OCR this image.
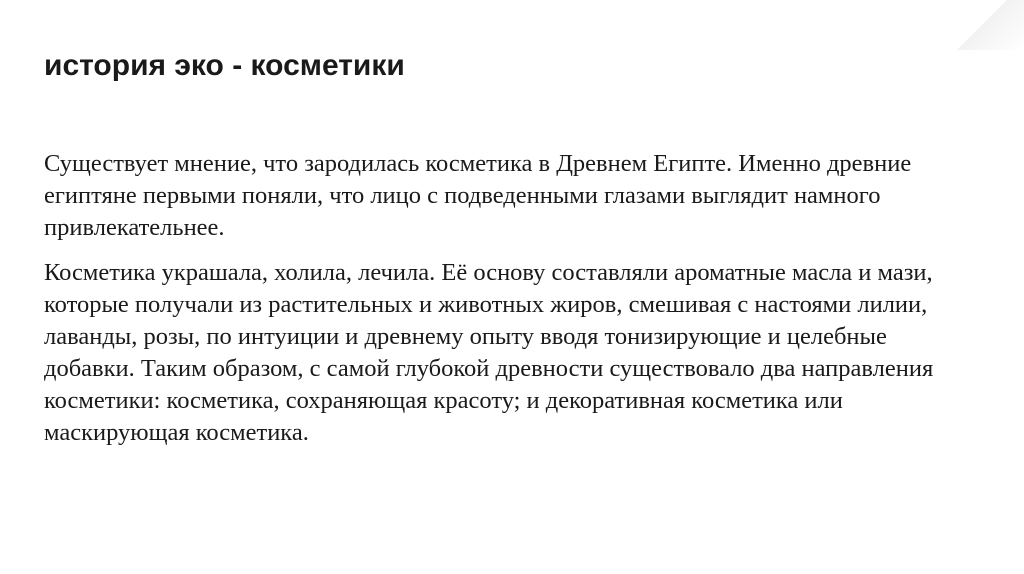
история эко - косметики

Существует мнение, что зародилась косметика в Древнем Египте. Именно древние египтяне первыми поняли, что лицо с подведенными глазами выглядит намного привлекательнее.

Косметика украшала, холила, лечила. Её основу составляли ароматные масла и мази, которые получали из растительных и животных жиров, смешивая с настоями лилии, лаванды, розы, по интуиции и древнему опыту вводя тонизирующие и целебные добавки. Таким образом, с самой глубокой древности существовало два направления косметики: косметика, сохраняющая красоту; и декоративная косметика или маскирующая косметика.
